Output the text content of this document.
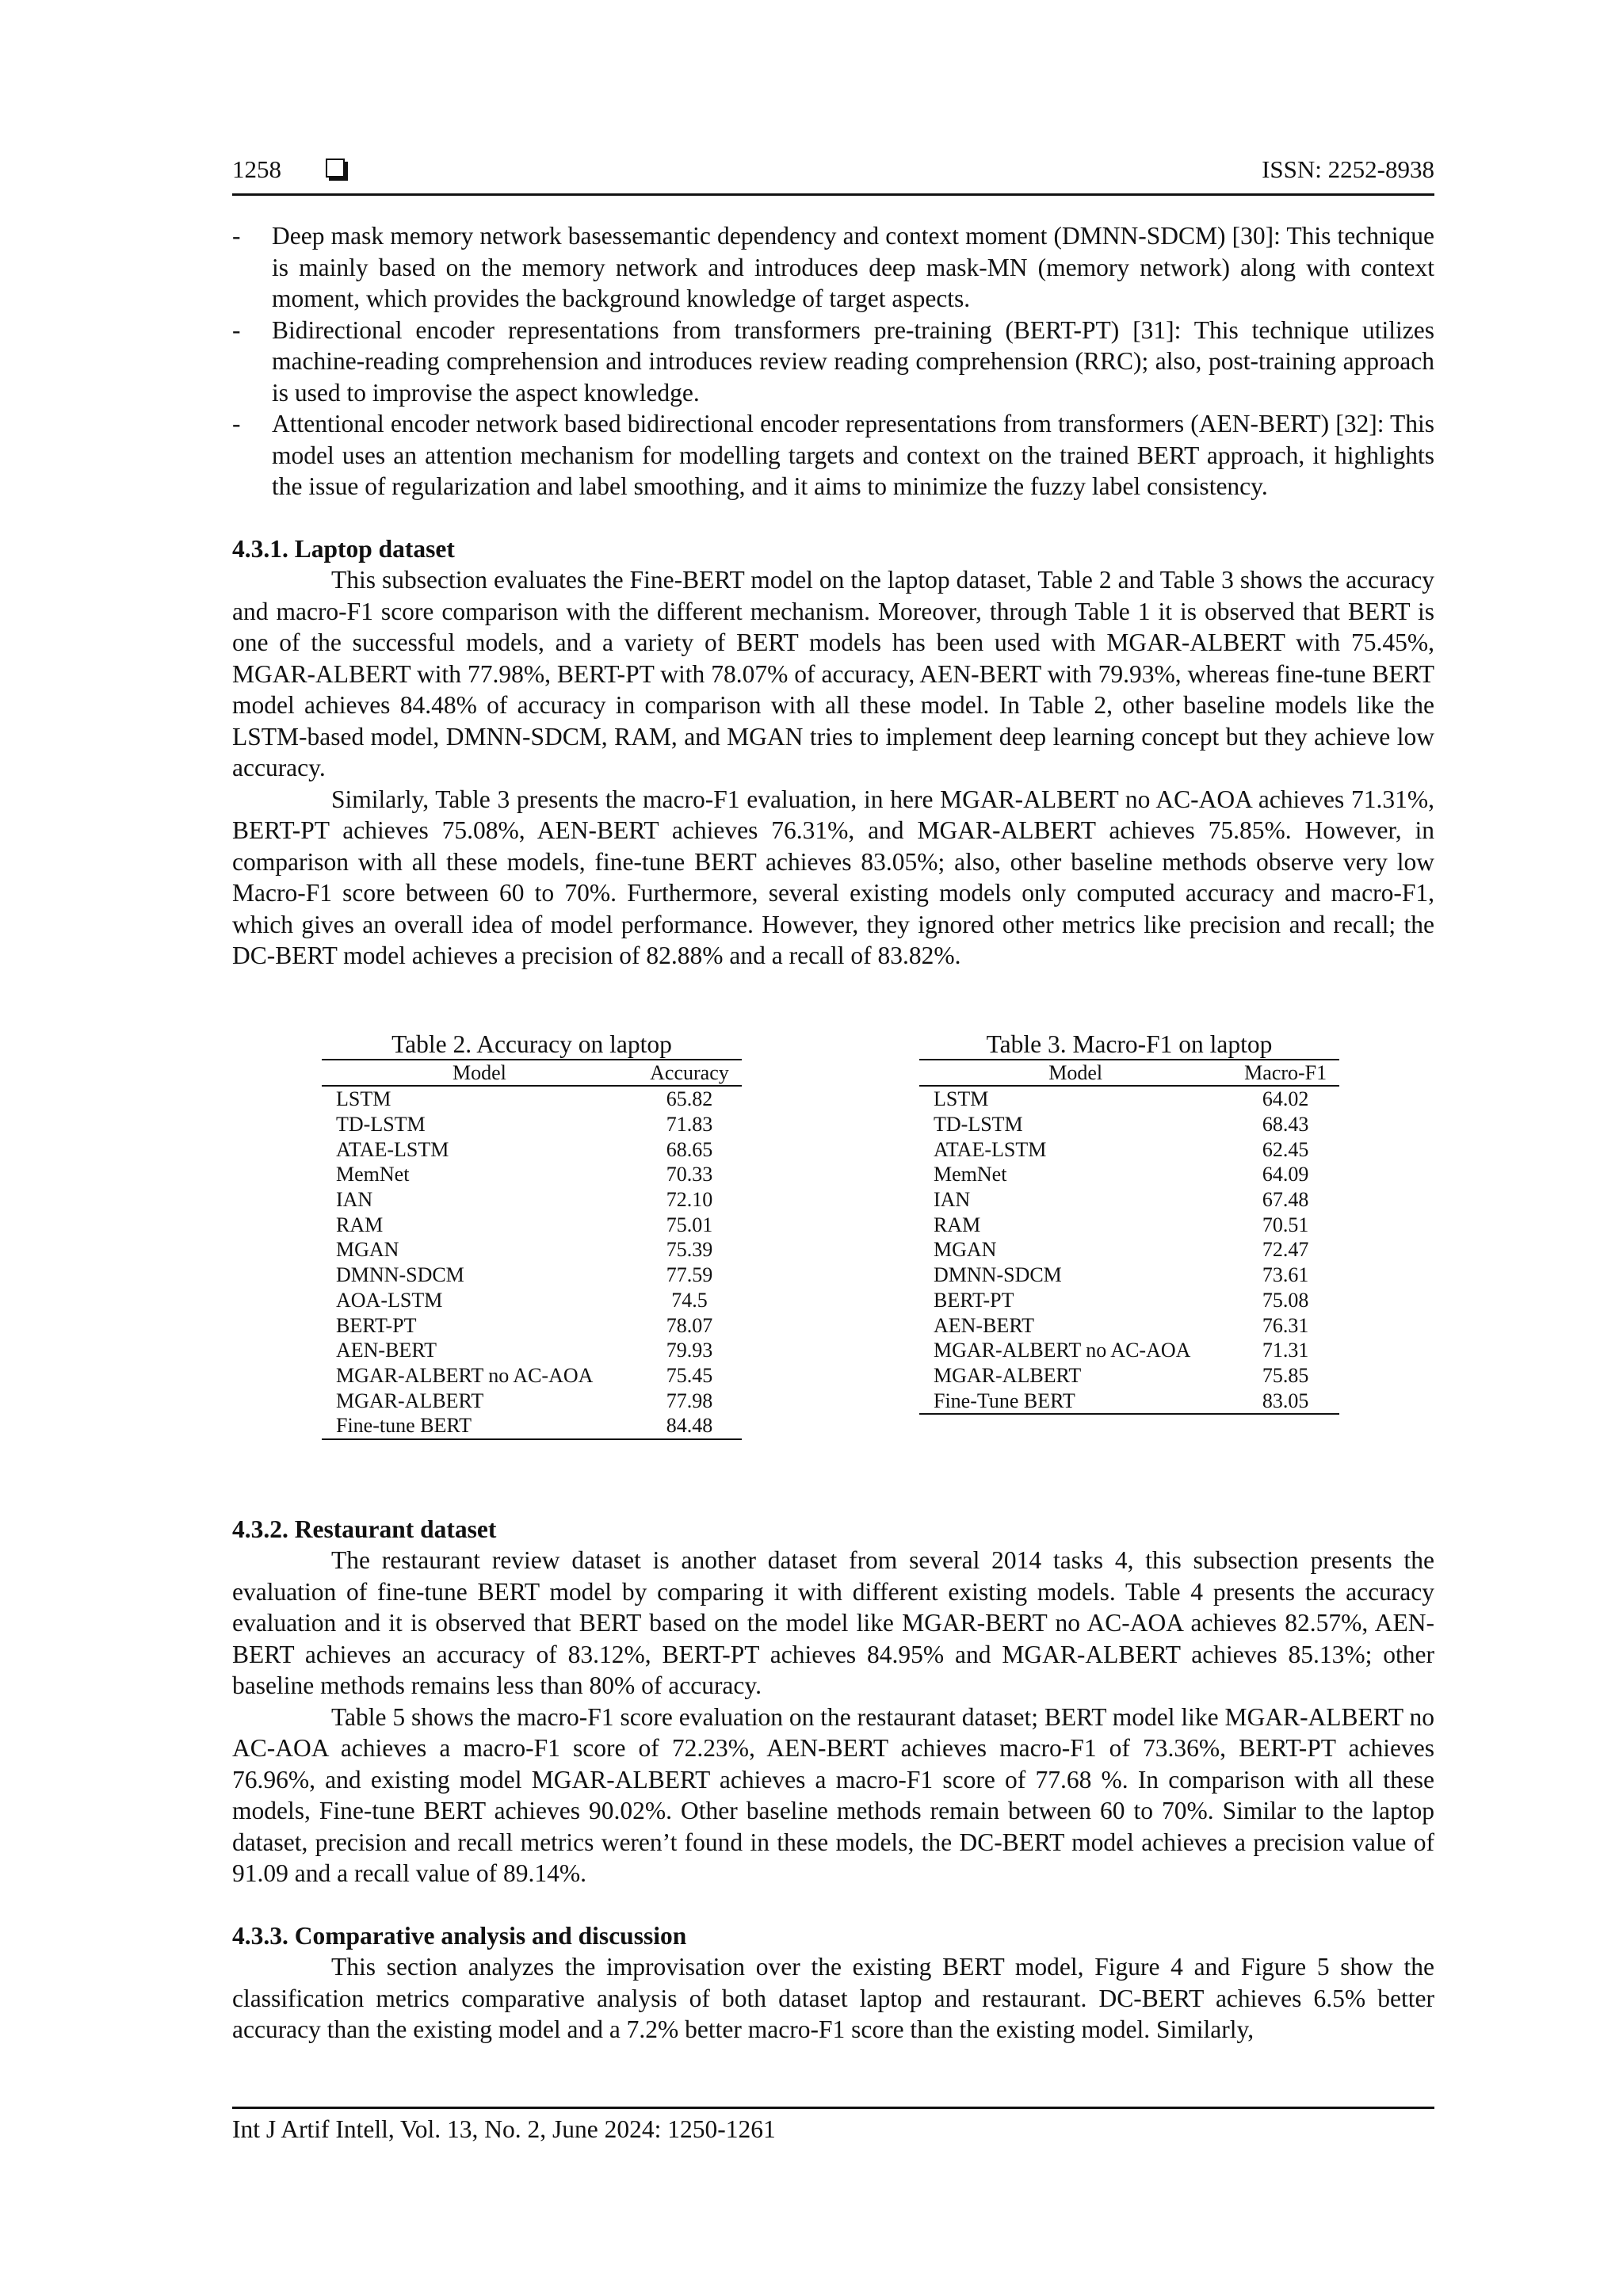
1258	ISSN: 2252-8938
- Deep mask memory network basessemantic dependency and context moment (DMNN-SDCM) [30]: This technique is mainly based on the memory network and introduces deep mask-MN (memory network) along with context moment, which provides the background knowledge of target aspects.
- Bidirectional encoder representations from transformers pre-training (BERT-PT) [31]: This technique utilizes machine-reading comprehension and introduces review reading comprehension (RRC); also, post-training approach is used to improvise the aspect knowledge.
- Attentional encoder network based bidirectional encoder representations from transformers (AEN-BERT) [32]: This model uses an attention mechanism for modelling targets and context on the trained BERT approach, it highlights the issue of regularization and label smoothing, and it aims to minimize the fuzzy label consistency.
4.3.1. Laptop dataset

This subsection evaluates the Fine-BERT model on the laptop dataset, Table 2 and Table 3 shows the accuracy and macro-F1 score comparison with the different mechanism. Moreover, through Table 1 it is observed that BERT is one of the successful models, and a variety of BERT models has been used with MGAR-ALBERT with 75.45%, MGAR-ALBERT with 77.98%, BERT-PT with 78.07% of accuracy, AEN-BERT with 79.93%, whereas fine-tune BERT model achieves 84.48% of accuracy in comparison with all these model. In Table 2, other baseline models like the LSTM-based model, DMNN-SDCM, RAM, and MGAN tries to implement deep learning concept but they achieve low accuracy.

Similarly, Table 3 presents the macro-F1 evaluation, in here MGAR-ALBERT no AC-AOA achieves 71.31%, BERT-PT achieves 75.08%, AEN-BERT achieves 76.31%, and MGAR-ALBERT achieves 75.85%. However, in comparison with all these models, fine-tune BERT achieves 83.05%; also, other baseline methods observe very low Macro-F1 score between 60 to 70%. Furthermore, several existing models only computed accuracy and macro-F1, which gives an overall idea of model performance. However, they ignored other metrics like precision and recall; the DC-BERT model achieves a precision of 82.88% and a recall of 83.82%.

Table 2. Accuracy on laptop
Model	Accuracy
LSTM	65.82
TD-LSTM	71.83
ATAE-LSTM	68.65
MemNet	70.33
IAN	72.10
RAM	75.01
MGAN	75.39
DMNN-SDCM	77.59
AOA-LSTM	74.5
BERT-PT	78.07
AEN-BERT	79.93
MGAR-ALBERT no AC-AOA	75.45
MGAR-ALBERT	77.98
Fine-tune BERT	84.48
Table 3. Macro-F1 on laptop
Model	Macro-F1
LSTM	64.02
TD-LSTM	68.43
ATAE-LSTM	62.45
MemNet	64.09
IAN	67.48
RAM	70.51
MGAN	72.47
DMNN-SDCM	73.61
BERT-PT	75.08
AEN-BERT	76.31
MGAR-ALBERT no AC-AOA	71.31
MGAR-ALBERT	75.85
Fine-Tune BERT	83.05
4.3.2. Restaurant dataset

The restaurant review dataset is another dataset from several 2014 tasks 4, this subsection presents the evaluation of fine-tune BERT model by comparing it with different existing models. Table 4 presents the accuracy evaluation and it is observed that BERT based on the model like MGAR-BERT no AC-AOA achieves 82.57%, AEN-BERT achieves an accuracy of 83.12%, BERT-PT achieves 84.95% and MGAR-ALBERT achieves 85.13%; other baseline methods remains less than 80% of accuracy.

Table 5 shows the macro-F1 score evaluation on the restaurant dataset; BERT model like MGAR-ALBERT no AC-AOA achieves a macro-F1 score of 72.23%, AEN-BERT achieves macro-F1 of 73.36%, BERT-PT achieves 76.96%, and existing model MGAR-ALBERT achieves a macro-F1 score of 77.68 %. In comparison with all these models, Fine-tune BERT achieves 90.02%. Other baseline methods remain between 60 to 70%. Similar to the laptop dataset, precision and recall metrics weren’t found in these models, the DC-BERT model achieves a precision value of 91.09 and a recall value of 89.14%.

4.3.3. Comparative analysis and discussion

This section analyzes the improvisation over the existing BERT model, Figure 4 and Figure 5 show the classification metrics comparative analysis of both dataset laptop and restaurant. DC-BERT achieves 6.5% better accuracy than the existing model and a 7.2% better macro-F1 score than the existing model. Similarly,

Int J Artif Intell, Vol. 13, No. 2, June 2024: 1250-1261
